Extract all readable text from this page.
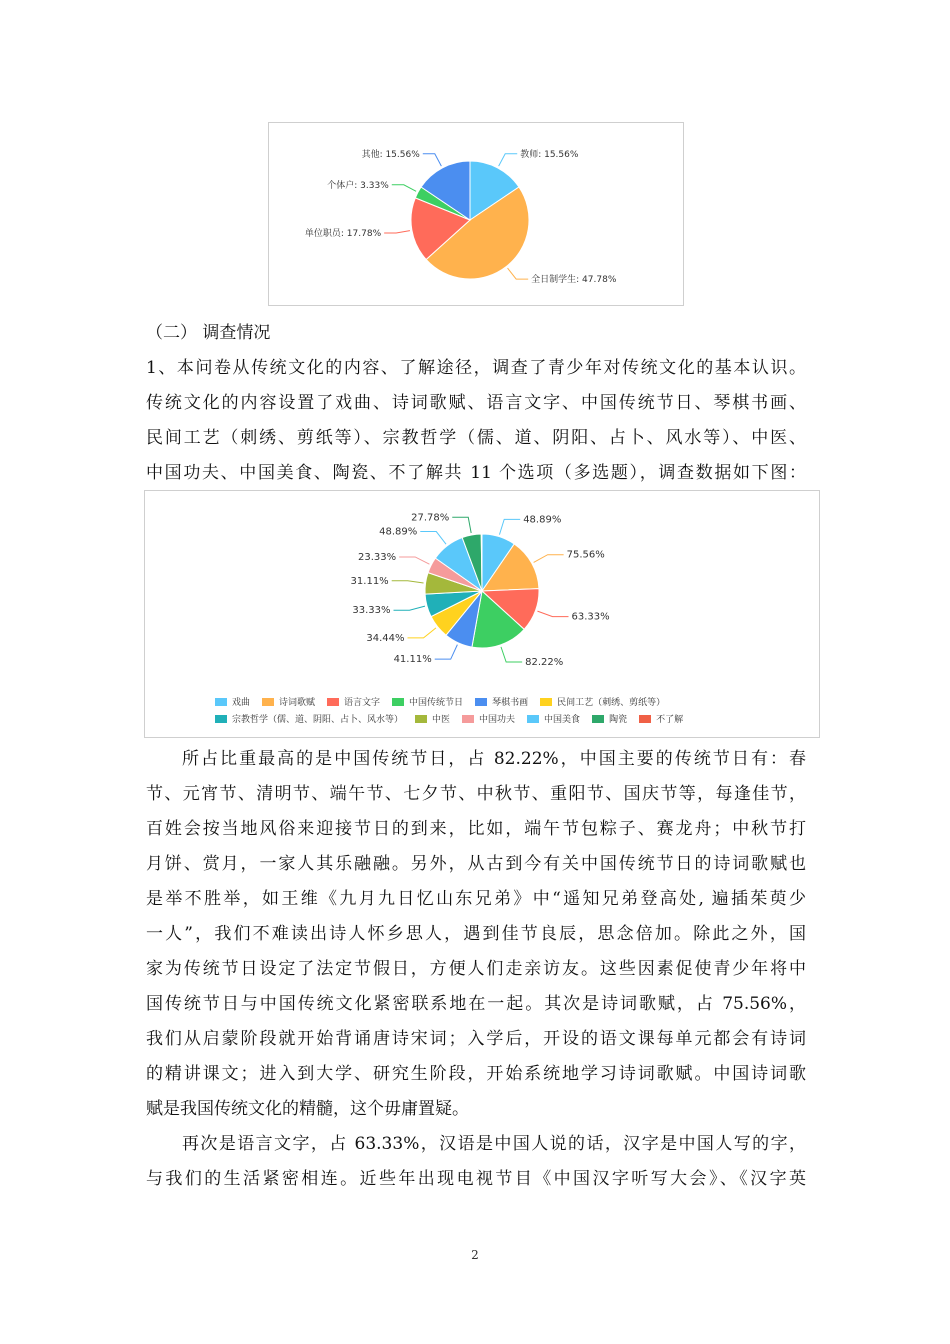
教师: 15.56%
全日制学生: 47.78%
单位职员: 17.78%
个体户: 3.33%
其他: 15.56%
（二） 调查情况
1、本问卷从传统文化的内容、了解途径，调查了青少年对传统文化的基本认识。
传统文化的内容设置了戏曲、诗词歌赋、语言文字、中国传统节日、琴棋书画、
民间工艺（刺绣、剪纸等）、宗教哲学（儒、道、阴阳、占卜、风水等）、中医、
中国功夫、中国美食、陶瓷、不了解共 11 个选项（多选题），调查数据如下图：
48.89%
75.56%
63.33%
82.22%
41.11%
34.44%
33.33%
31.11%
23.33%
48.89%
27.78%
戏曲	诗词歌赋	语言文字	中国传统节日	琴棋书画	民间工艺（刺绣、剪纸等）
宗教哲学（儒、道、阴阳、占卜、风水等）	中医	中国功夫	中国美食	陶瓷	不了解
所占比重最高的是中国传统节日，占 82.22%，中国主要的传统节日有：春
节、元宵节、清明节、端午节、七夕节、中秋节、重阳节、国庆节等，每逢佳节，
百姓会按当地风俗来迎接节日的到来，比如，端午节包粽子、赛龙舟；中秋节打
月饼、赏月，一家人其乐融融。另外，从古到今有关中国传统节日的诗词歌赋也
是举不胜举，如王维《九月九日忆山东兄弟》中“遥知兄弟登高处, 遍插茱萸少
一人”，我们不难读出诗人怀乡思人，遇到佳节良辰，思念倍加。除此之外，国
家为传统节日设定了法定节假日，方便人们走亲访友。这些因素促使青少年将中
国传统节日与中国传统文化紧密联系地在一起。其次是诗词歌赋，占 75.56%，
我们从启蒙阶段就开始背诵唐诗宋词；入学后，开设的语文课每单元都会有诗词
的精讲课文；进入到大学、研究生阶段，开始系统地学习诗词歌赋。中国诗词歌
赋是我国传统文化的精髓，这个毋庸置疑。
再次是语言文字，占 63.33%，汉语是中国人说的话，汉字是中国人写的字，
与我们的生活紧密相连。近些年出现电视节目《中国汉字听写大会》、《汉字英
2
